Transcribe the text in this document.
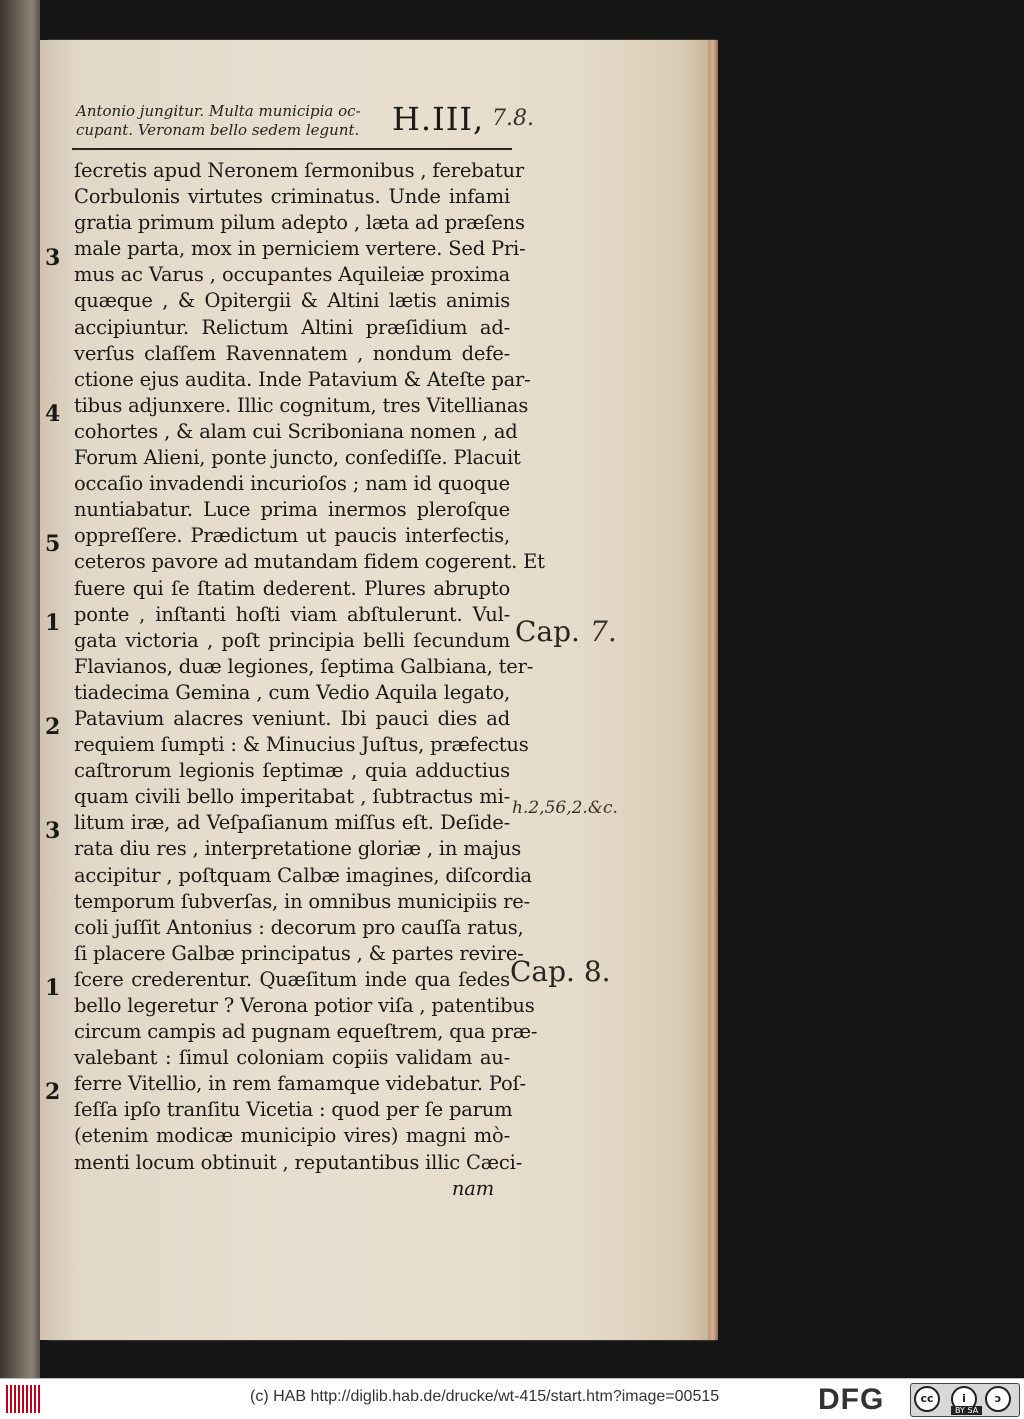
Antonio jungitur. Multa municipia oc-
cupant. Veronam bello sedem legunt.	H.III, 7.8.
ſecretis apud Neronem ſermonibus , ferebatur
Corbulonis virtutes criminatus. Unde infami
gratia primum pilum adepto , læta ad præſens
male parta, mox in perniciem vertere. Sed Pri-
mus ac Varus , occupantes Aquileiæ proxima
quæque , & Opitergii & Altini lætis animis
accipiuntur. Relictum Altini præſidium ad-
verſus claſſem Ravennatem , nondum defe-
ctione ejus audita. Inde Patavium & Ateſte par-
tibus adjunxere. Illic cognitum, tres Vitellianas
cohortes , & alam cui Scriboniana nomen , ad
Forum Alieni, ponte juncto, conſediſſe. Placuit
occaſio invadendi incurioſos ; nam id quoque
nuntiabatur. Luce prima inermos pleroſque
oppreſſere. Prædictum ut paucis interfectis,
ceteros pavore ad mutandam fidem cogerent. Et
fuere qui ſe ſtatim dederent. Plures abrupto
ponte , inſtanti hoſti viam abſtulerunt. Vul-
gata victoria , poſt principia belli ſecundum
Flavianos, duæ legiones, ſeptima Galbiana, ter-
tiadecima Gemina , cum Vedio Aquila legato,
Patavium alacres veniunt. Ibi pauci dies ad
requiem ſumpti : & Minucius Juſtus, præfectus
caſtrorum legionis ſeptimæ , quia adductius
quam civili bello imperitabat , ſubtractus mi-
litum iræ, ad Veſpaſianum miſſus eſt. Deſide-
rata diu res , interpretatione gloriæ , in majus
accipitur , poſtquam Calbæ imagines, diſcordia
temporum ſubverſas, in omnibus municipiis re-
coli juſſit Antonius : decorum pro cauſſa ratus,
ſi placere Galbæ principatus , & partes revire-
ſcere crederentur. Quæſitum inde qua ſedes
bello legeretur ? Verona potior viſa , patentibus
circum campis ad pugnam equeſtrem, qua præ-
valebant : ſimul coloniam copiis validam au-
ferre Vitellio, in rem famamque videbatur. Poſ-
ſeſſa ipſo tranſitu Vicetia : quod per ſe parum
(etenim modicæ municipio vires) magni mò-
menti locum obtinuit , reputantibus illic Cæci-
nam
3
4
5
1
2
3
1
2
Cap. 7.
h.2,56,2.&c.
Cap. 8.
(c) HAB http://diglib.hab.de/drucke/wt-415/start.htm?image=00515	DFG	cc	i	ɔ
BY SA
